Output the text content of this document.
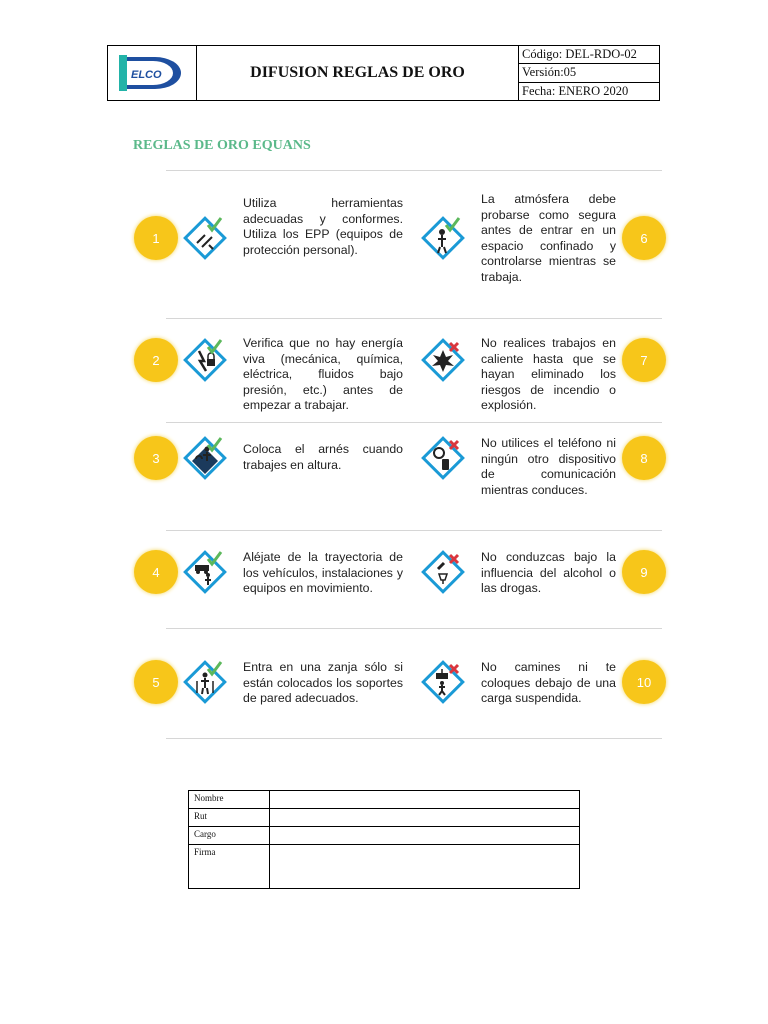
ELCO	DIFUSION REGLAS DE ORO
Código: DEL-RDO-02
Versión:05
Fecha: ENERO 2020
REGLAS DE ORO EQUANS
1
Utiliza herramientas adecuadas y conformes. Utiliza los EPP (equipos de protección personal).
La atmósfera debe probarse como segura antes de entrar en un espacio confinado y controlarse mientras se trabaja.
6
2
Verifica que no hay energía viva (mecánica, química, eléctrica, fluidos bajo presión, etc.) antes de empezar a trabajar.
No realices trabajos en caliente hasta que se hayan eliminado los riesgos de incendio o explosión.
7
3
Coloca el arnés cuando trabajes en altura.
No utilices el teléfono ni ningún otro dispositivo de comunicación mientras conduces.
8
4
Aléjate de la trayectoria de los vehículos, instalaciones y equipos en movimiento.
No conduzcas bajo la influencia del alcohol o las drogas.
9
5
Entra en una zanja sólo si están colocados los soportes de pared adecuados.
No camines ni te coloques debajo de una carga suspendida.
10
Nombre	
Rut	
Cargo	
Firma	
